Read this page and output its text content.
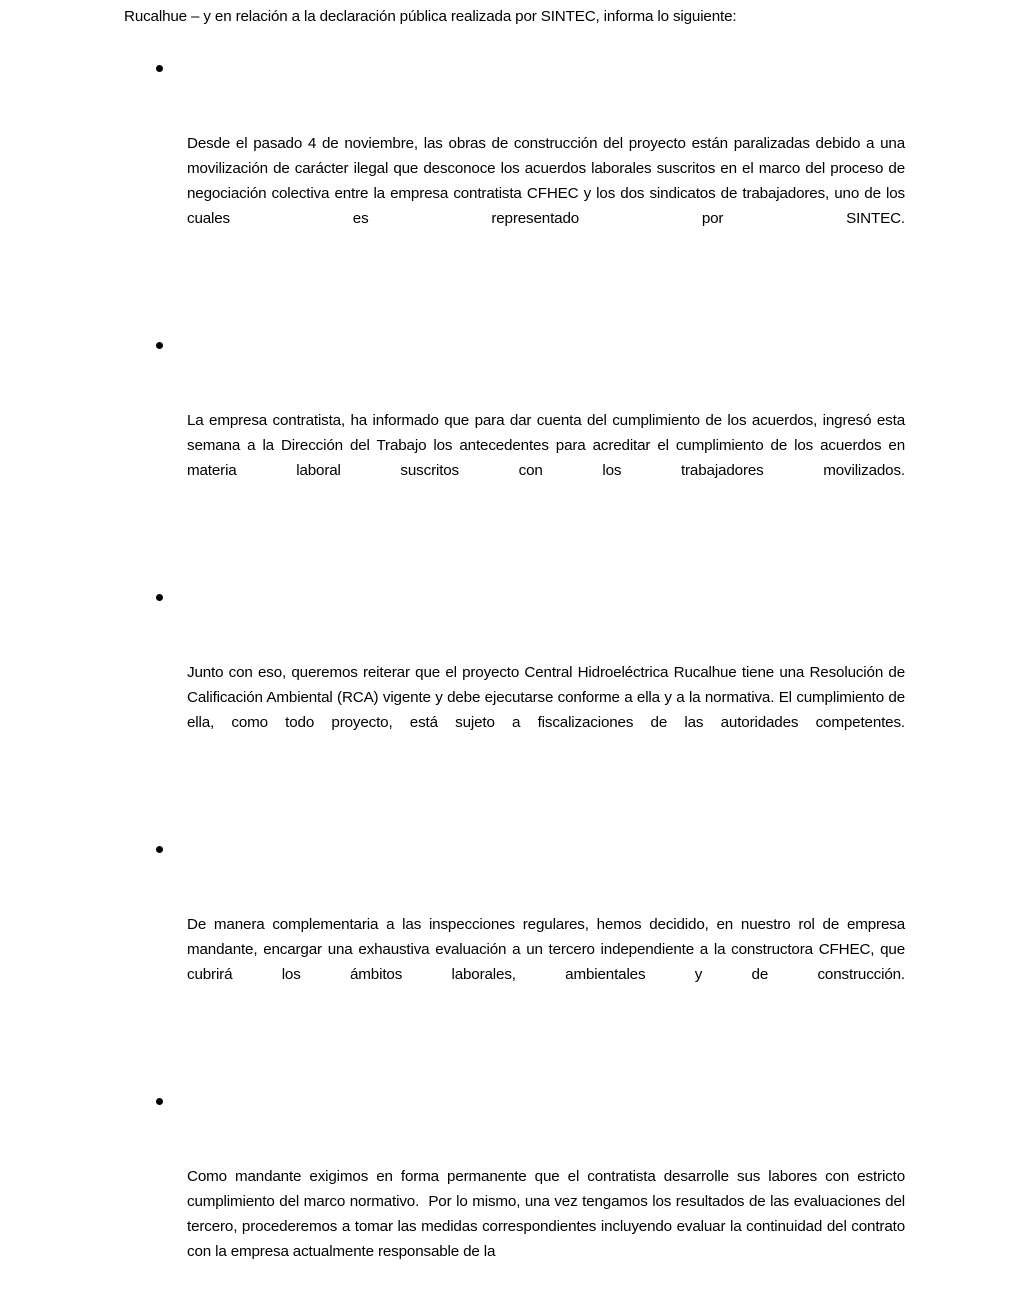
Rucalhue – y en relación a la declaración pública realizada por SINTEC, informa lo siguiente:

Desde el pasado 4 de noviembre, las obras de construcción del proyecto están paralizadas debido a una movilización de carácter ilegal que desconoce los acuerdos laborales suscritos en el marco del proceso de negociación colectiva entre la empresa contratista CFHEC y los dos sindicatos de trabajadores, uno de los cuales es representado por SINTEC.

La empresa contratista, ha informado que para dar cuenta del cumplimiento de los acuerdos, ingresó esta semana a la Dirección del Trabajo los antecedentes para acreditar el cumplimiento de los acuerdos en materia laboral suscritos con los trabajadores movilizados.

Junto con eso, queremos reiterar que el proyecto Central Hidroeléctrica Rucalhue tiene una Resolución de Calificación Ambiental (RCA) vigente y debe ejecutarse conforme a ella y a la normativa. El cumplimiento de ella, como todo proyecto, está sujeto a fiscalizaciones de las autoridades competentes.

De manera complementaria a las inspecciones regulares, hemos decidido, en nuestro rol de empresa mandante, encargar una exhaustiva evaluación a un tercero independiente a la constructora CFHEC, que cubrirá los ámbitos laborales, ambientales y de construcción.

Como mandante exigimos en forma permanente que el contratista desarrolle sus labores con estricto cumplimiento del marco normativo.  Por lo mismo, una vez tengamos los resultados de las evaluaciones del tercero, procederemos a tomar las medidas correspondientes incluyendo evaluar la continuidad del contrato con la empresa actualmente responsable de la
